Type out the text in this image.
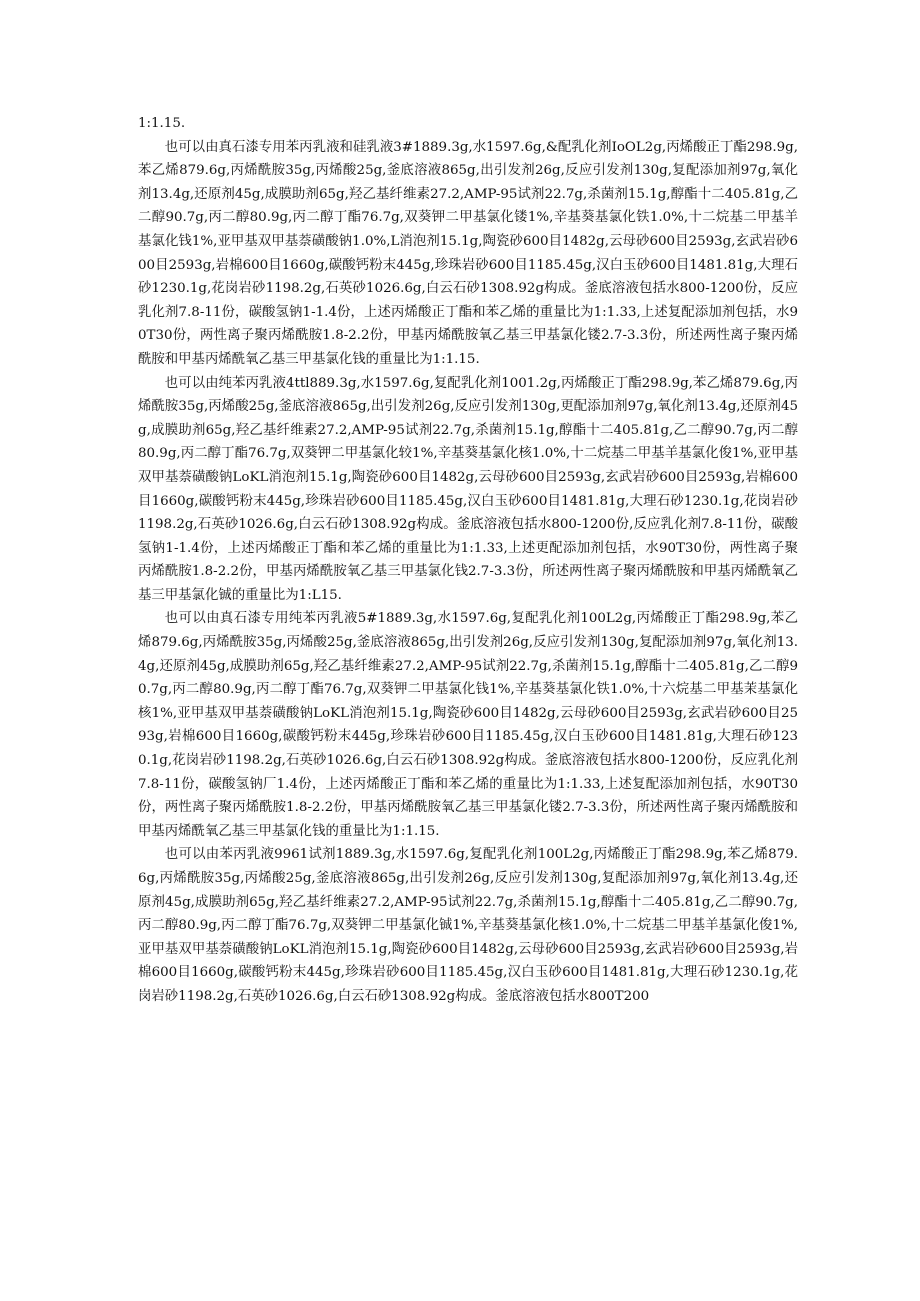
1:1.15.

也可以由真石漆专用苯丙乳液和硅乳液3#1889.3g,水1597.6g,&配乳化剂IoOL2g,丙烯酸正丁酯298.9g,苯乙烯879.6g,丙烯酰胺35g,丙烯酸25g,釜底溶液865g,出引发剂26g,反应引发剂130g,复配添加剂97g,氧化剂13.4g,还原剂45g,成膜助剂65g,羟乙基纤维素27.2,AMP-95试剂22.7g,杀菌剂15.1g,醇酯十二405.81g,乙二醇90.7g,丙二醇80.9g,丙二醇丁酯76.7g,双葵钾二甲基氯化镂1%,辛基葵基氯化铁1.0%,十二烷基二甲基羊基氯化钱1%,亚甲基双甲基萘磺酸钠1.0%,L消泡剂15.1g,陶瓷砂600目1482g,云母砂600目2593g,玄武岩砂600目2593g,岩棉600目1660g,碳酸钙粉末445g,珍珠岩砂600目1185.45g,汉白玉砂600目1481.81g,大理石砂1230.1g,花岗岩砂1198.2g,石英砂1026.6g,白云石砂1308.92g构成。釜底溶液包括水800-1200份，反应乳化剂7.8-11份，碳酸氢钠1-1.4份，上述丙烯酸正丁酯和苯乙烯的重量比为1:1.33,上述复配添加剂包括，水90T30份，两性离子聚丙烯酰胺1.8-2.2份，甲基丙烯酰胺氧乙基三甲基氯化镂2.7-3.3份，所述两性离子聚丙烯酰胺和甲基丙烯酰氧乙基三甲基氯化钱的重量比为1:1.15.

也可以由纯苯丙乳液4ttl889.3g,水1597.6g,复配乳化剂1001.2g,丙烯酸正丁酯298.9g,苯乙烯879.6g,丙烯酰胺35g,丙烯酸25g,釜底溶液865g,出引发剂26g,反应引发剂130g,更配添加剂97g,氧化剂13.4g,还原剂45g,成膜助剂65g,羟乙基纤维素27.2,AMP-95试剂22.7g,杀菌剂15.1g,醇酯十二405.81g,乙二醇90.7g,丙二醇80.9g,丙二醇丁酯76.7g,双葵钾二甲基氯化较1%,辛基葵基氯化核1.0%,十二烷基二甲基羊基氯化俊1%,亚甲基双甲基萘磺酸钠LoKL消泡剂15.1g,陶瓷砂600目1482g,云母砂600目2593g,玄武岩砂600目2593g,岩棉600目1660g,碳酸钙粉末445g,珍珠岩砂600目1185.45g,汉白玉砂600目1481.81g,大理石砂1230.1g,花岗岩砂1198.2g,石英砂1026.6g,白云石砂1308.92g构成。釜底溶液包括水800-1200份,反应乳化剂7.8-11份，碳酸氢钠1-1.4份，上述丙烯酸正丁酯和苯乙烯的重量比为1:1.33,上述更配添加剂包括，水90T30份，两性离子聚丙烯酰胺1.8-2.2份，甲基丙烯酰胺氧乙基三甲基氯化钱2.7-3.3份，所述两性离子聚丙烯酰胺和甲基丙烯酰氧乙基三甲基氯化铖的重量比为1:L15.

也可以由真石漆专用纯苯丙乳液5#1889.3g,水1597.6g,复配乳化剂100L2g,丙烯酸正丁酯298.9g,苯乙烯879.6g,丙烯酰胺35g,丙烯酸25g,釜底溶液865g,出引发剂26g,反应引发剂130g,复配添加剂97g,氧化剂13.4g,还原剂45g,成膜助剂65g,羟乙基纤维素27.2,AMP-95试剂22.7g,杀菌剂15.1g,醇酯十二405.81g,乙二醇90.7g,丙二醇80.9g,丙二醇丁酯76.7g,双葵钾二甲基氯化钱1%,辛基葵基氯化铁1.0%,十六烷基二甲基茉基氯化核1%,亚甲基双甲基萘磺酸钠LoKL消泡剂15.1g,陶瓷砂600目1482g,云母砂600目2593g,玄武岩砂600目2593g,岩棉600目1660g,碳酸钙粉末445g,珍珠岩砂600目1185.45g,汉白玉砂600目1481.81g,大理石砂1230.1g,花岗岩砂1198.2g,石英砂1026.6g,白云石砂1308.92g构成。釜底溶液包括水800-1200份，反应乳化剂7.8-11份，碳酸氢钠厂1.4份，上述丙烯酸正丁酯和苯乙烯的重量比为1:1.33,上述复配添加剂包括，水90T30份，两性离子聚丙烯酰胺1.8-2.2份，甲基丙烯酰胺氧乙基三甲基氯化镂2.7-3.3份，所述两性离子聚丙烯酰胺和甲基丙烯酰氧乙基三甲基氯化钱的重量比为1:1.15.

也可以由苯丙乳液9961试剂1889.3g,水1597.6g,复配乳化剂100L2g,丙烯酸正丁酯298.9g,苯乙烯879.6g,丙烯酰胺35g,丙烯酸25g,釜底溶液865g,出引发剂26g,反应引发剂130g,复配添加剂97g,氧化剂13.4g,还原剂45g,成膜助剂65g,羟乙基纤维素27.2,AMP-95试剂22.7g,杀菌剂15.1g,醇酯十二405.81g,乙二醇90.7g,丙二醇80.9g,丙二醇丁酯76.7g,双葵钾二甲基氯化铖1%,辛基葵基氯化核1.0%,十二烷基二甲基羊基氯化俊1%,亚甲基双甲基萘磺酸钠LoKL消泡剂15.1g,陶瓷砂600目1482g,云母砂600目2593g,玄武岩砂600目2593g,岩棉600目1660g,碳酸钙粉末445g,珍珠岩砂600目1185.45g,汉白玉砂600目1481.81g,大理石砂1230.1g,花岗岩砂1198.2g,石英砂1026.6g,白云石砂1308.92g构成。釜底溶液包括水800T200
